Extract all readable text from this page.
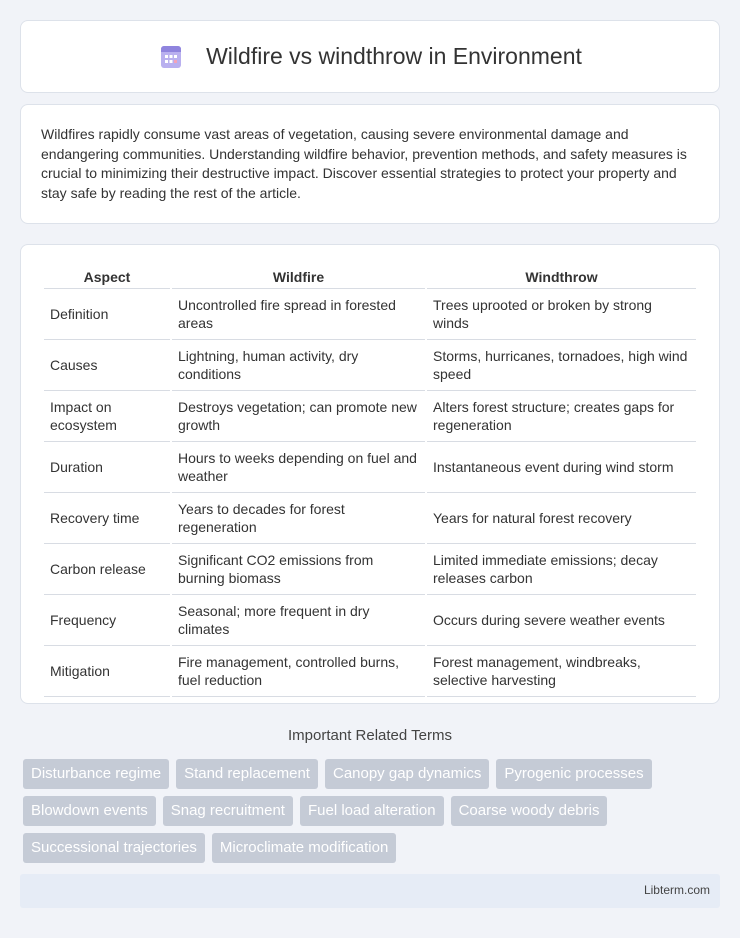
Wildfire vs windthrow in Environment

Wildfires rapidly consume vast areas of vegetation, causing severe environmental damage and endangering communities. Understanding wildfire behavior, prevention methods, and safety measures is crucial to minimizing their destructive impact. Discover essential strategies to protect your property and stay safe by reading the rest of the article.

Aspect	Wildfire	Windthrow
Definition	Uncontrolled fire spread in forested areas	Trees uprooted or broken by strong winds
Causes	Lightning, human activity, dry conditions	Storms, hurricanes, tornadoes, high wind speed
Impact on ecosystem	Destroys vegetation; can promote new growth	Alters forest structure; creates gaps for regeneration
Duration	Hours to weeks depending on fuel and weather	Instantaneous event during wind storm
Recovery time	Years to decades for forest regeneration	Years for natural forest recovery
Carbon release	Significant CO2 emissions from burning biomass	Limited immediate emissions; decay releases carbon
Frequency	Seasonal; more frequent in dry climates	Occurs during severe weather events
Mitigation	Fire management, controlled burns, fuel reduction	Forest management, windbreaks, selective harvesting
Important Related Terms
Disturbance regime	Stand replacement	Canopy gap dynamics	Pyrogenic processes
Blowdown events	Snag recruitment	Fuel load alteration	Coarse woody debris
Successional trajectories	Microclimate modification
Libterm.com
